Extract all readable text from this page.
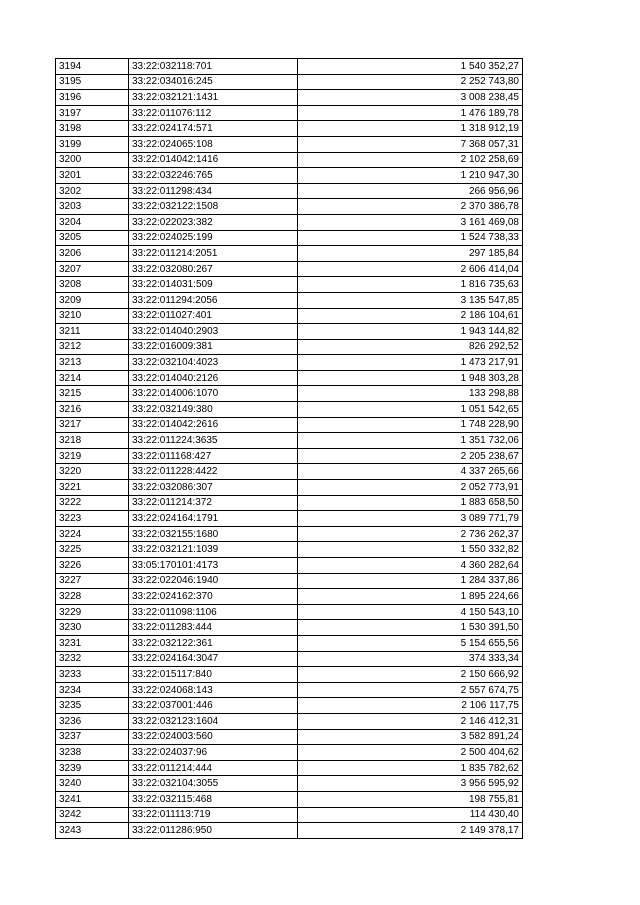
3194	33:22:032118:701	1 540 352,27
3195	33:22:034016:245	2 252 743,80
3196	33:22:032121:1431	3 008 238,45
3197	33:22:011076:112	1 476 189,78
3198	33:22:024174:571	1 318 912,19
3199	33:22:024065:108	7 368 057,31
3200	33:22:014042:1416	2 102 258,69
3201	33:22:032246:765	1 210 947,30
3202	33:22:011298:434	266 956,96
3203	33:22:032122:1508	2 370 386,78
3204	33:22:022023:382	3 161 469,08
3205	33:22:024025:199	1 524 738,33
3206	33:22:011214:2051	297 185,84
3207	33:22:032080:267	2 606 414,04
3208	33:22:014031:509	1 816 735,63
3209	33:22:011294:2056	3 135 547,85
3210	33:22:011027:401	2 186 104,61
3211	33:22:014040:2903	1 943 144,82
3212	33:22:016009:381	826 292,52
3213	33:22:032104:4023	1 473 217,91
3214	33:22:014040:2126	1 948 303,28
3215	33:22:014006:1070	133 298,88
3216	33:22:032149:380	1 051 542,65
3217	33:22:014042:2616	1 748 228,90
3218	33:22:011224:3635	1 351 732,06
3219	33:22:011168:427	2 205 238,67
3220	33:22:011228:4422	4 337 265,66
3221	33:22:032086:307	2 052 773,91
3222	33:22:011214:372	1 883 658,50
3223	33:22:024164:1791	3 089 771,79
3224	33:22:032155:1680	2 736 262,37
3225	33:22:032121:1039	1 550 332,82
3226	33:05:170101:4173	4 360 282,64
3227	33:22:022046:1940	1 284 337,86
3228	33:22:024162:370	1 895 224,66
3229	33:22:011098:1106	4 150 543,10
3230	33:22:011283:444	1 530 391,50
3231	33:22:032122:361	5 154 655,56
3232	33:22:024164:3047	374 333,34
3233	33:22:015117:840	2 150 666,92
3234	33:22:024068:143	2 557 674,75
3235	33:22:037001:446	2 106 117,75
3236	33:22:032123:1604	2 146 412,31
3237	33:22:024003:560	3 582 891,24
3238	33:22:024037:96	2 500 404,62
3239	33:22:011214:444	1 835 782,62
3240	33:22:032104:3055	3 956 595,92
3241	33:22:032115:468	198 755,81
3242	33:22:011113:719	114 430,40
3243	33:22:011286:950	2 149 378,17
